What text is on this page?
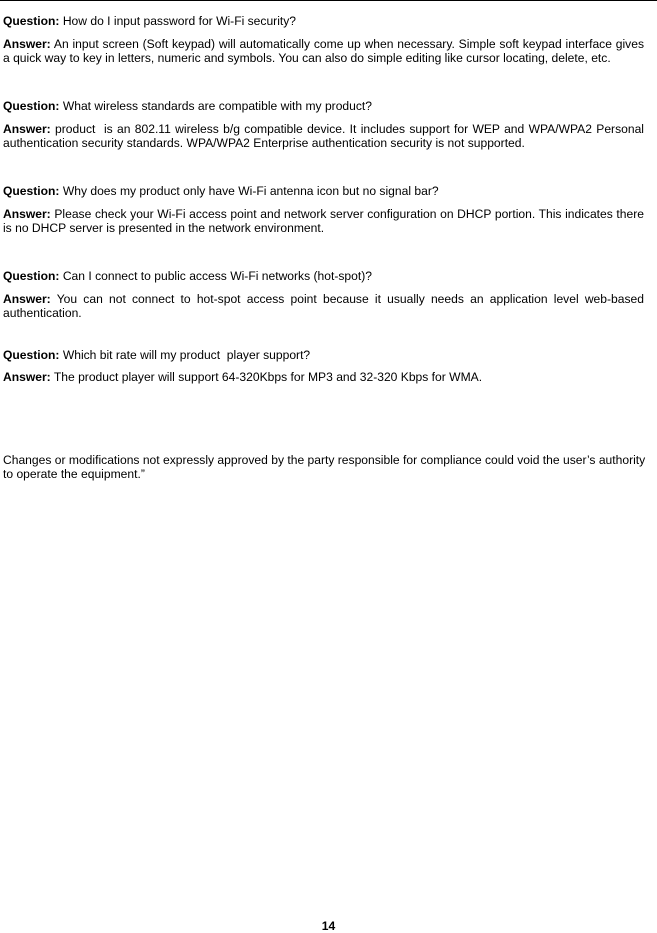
Question: How do I input password for Wi-Fi security?

Answer: An input screen (Soft keypad) will automatically come up when necessary. Simple soft keypad interface gives a quick way to key in letters, numeric and symbols. You can also do simple editing like cursor locating, delete, etc.

Question: What wireless standards are compatible with my product?

Answer: product  is an 802.11 wireless b/g compatible device. It includes support for WEP and WPA/WPA2 Personal authentication security standards. WPA/WPA2 Enterprise authentication security is not supported.

Question: Why does my product only have Wi-Fi antenna icon but no signal bar?

Answer: Please check your Wi-Fi access point and network server configuration on DHCP portion. This indicates there is no DHCP server is presented in the network environment.

Question: Can I connect to public access Wi-Fi networks (hot-spot)?

Answer: You can not connect to hot-spot access point because it usually needs an application level web-based authentication.

Question: Which bit rate will my product  player support?

Answer: The product player will support 64-320Kbps for MP3 and 32-320 Kbps for WMA.

Changes or modifications not expressly approved by the party responsible for compliance could void the user’s authority to operate the equipment.”

14
